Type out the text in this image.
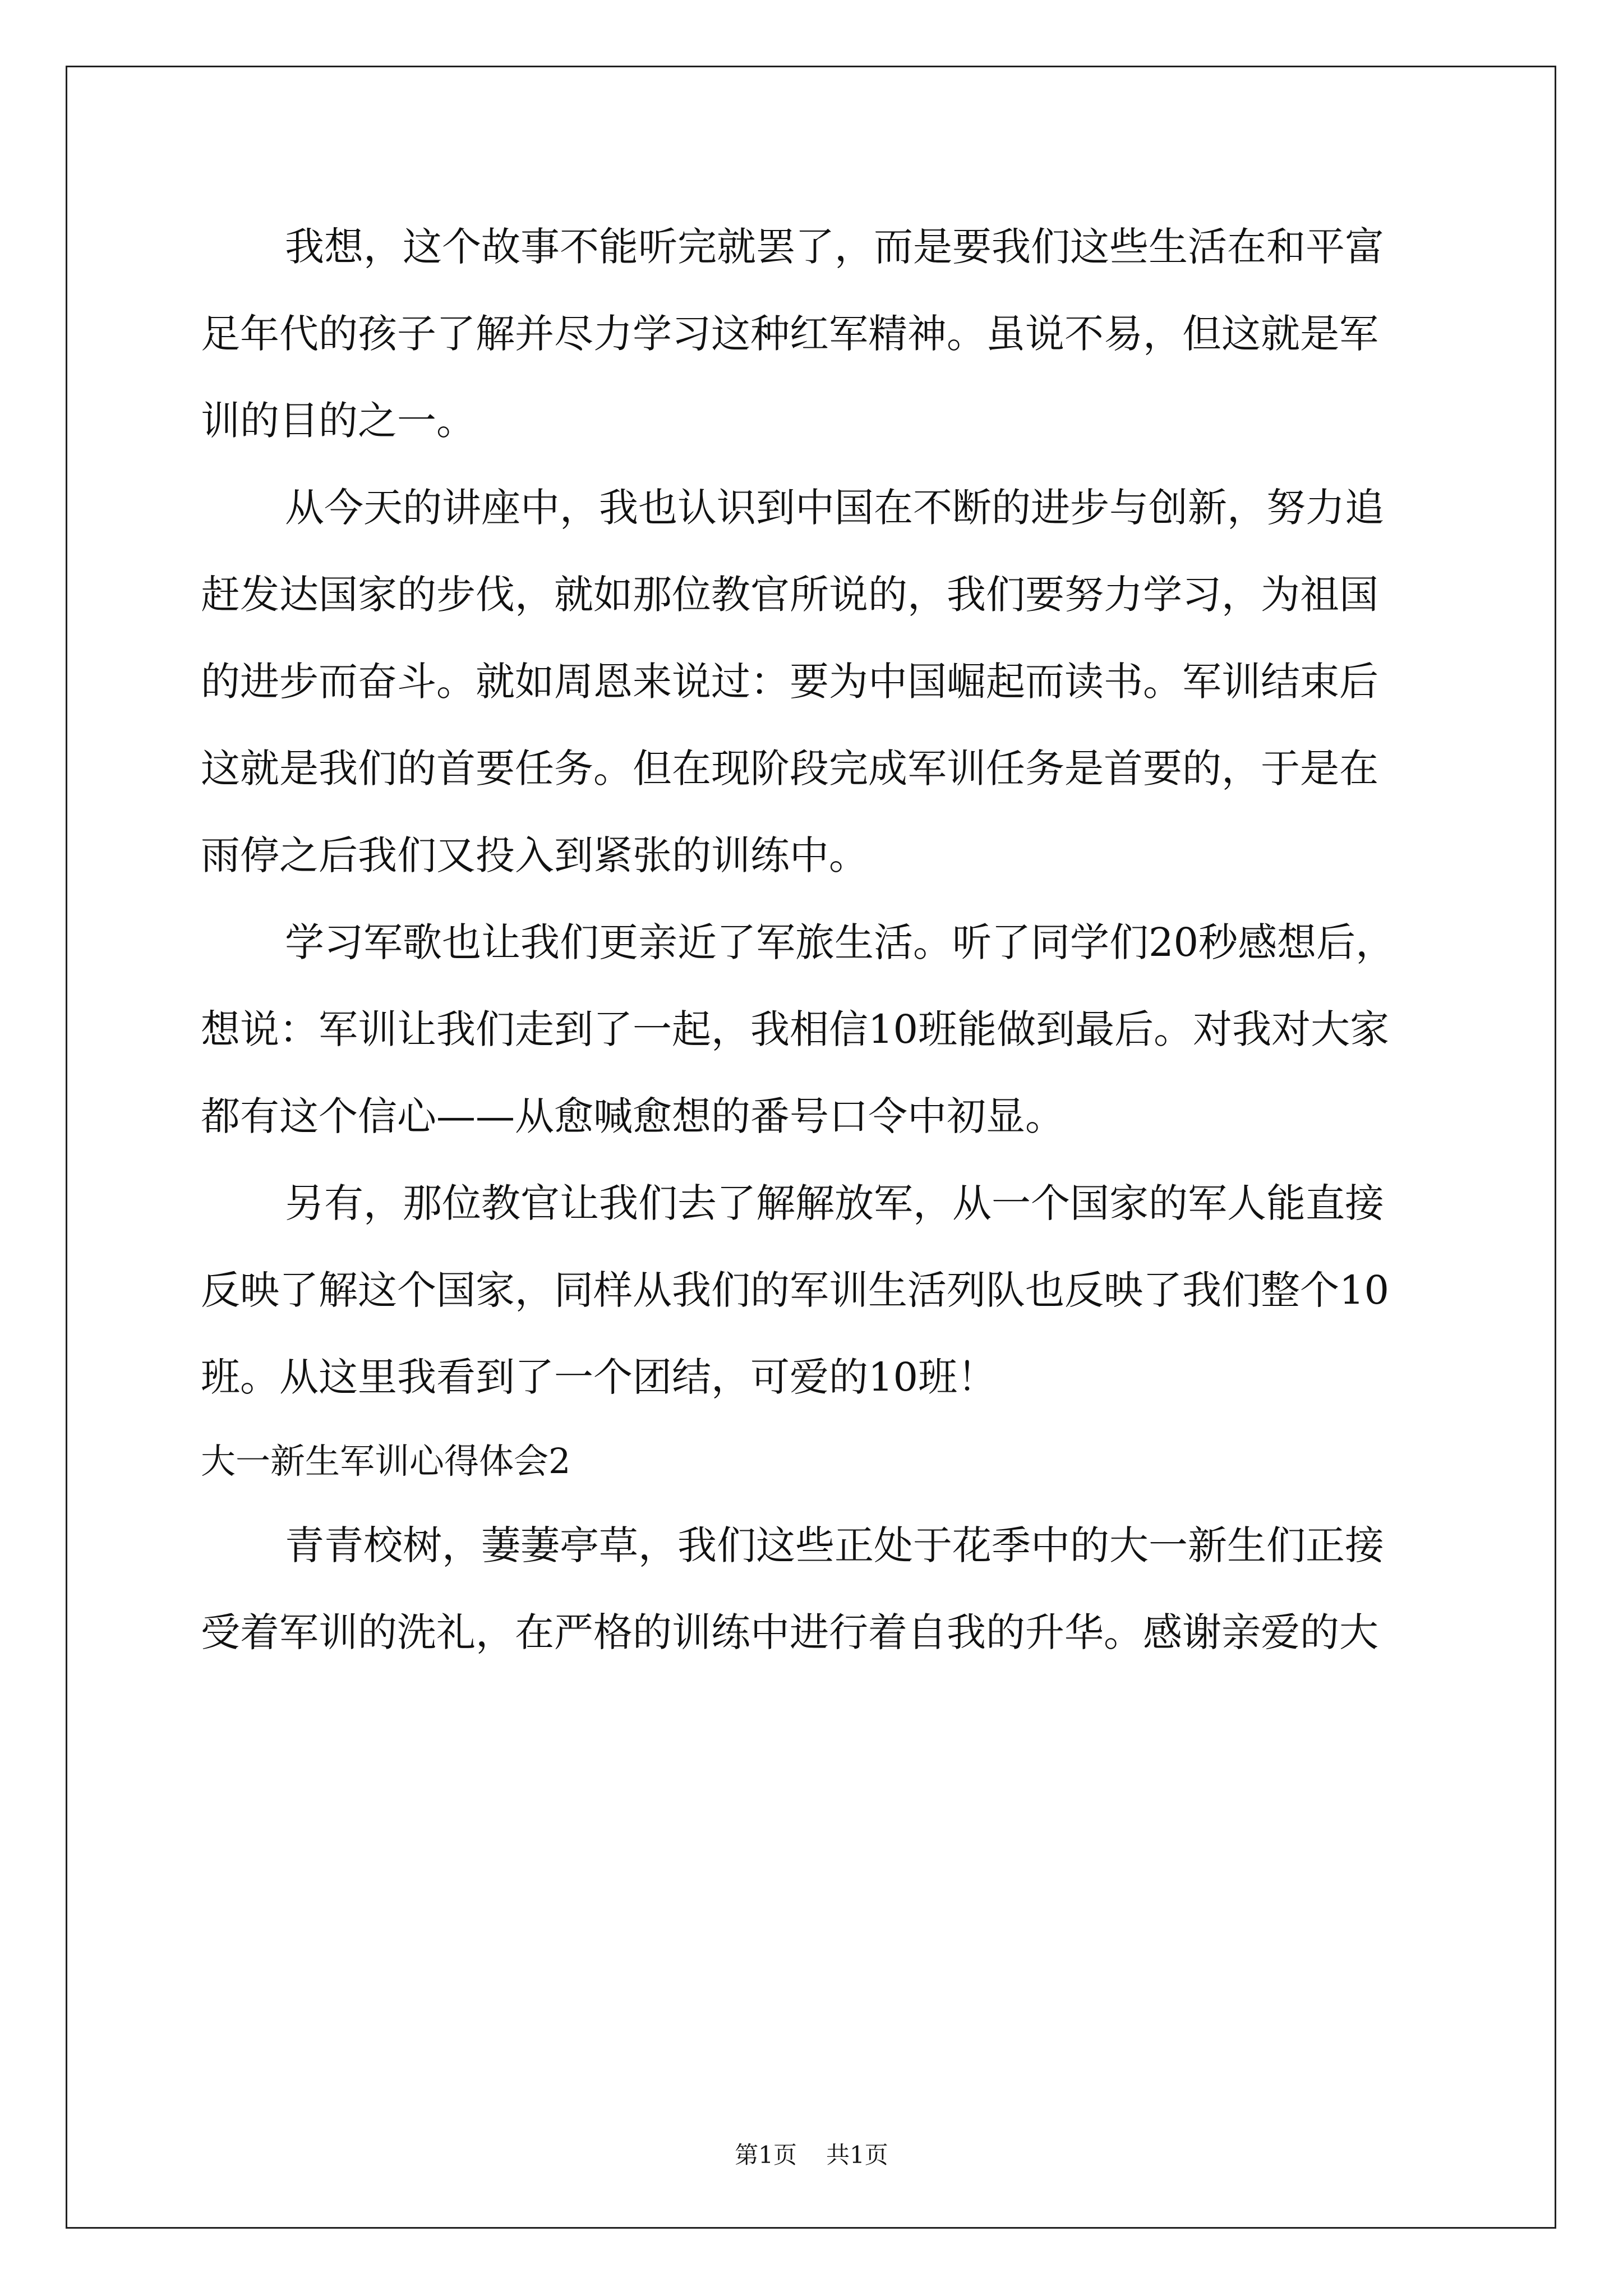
我想，这个故事不能听完就罢了，而是要我们这些生活在和平富

足年代的孩子了解并尽力学习这种红军精神。虽说不易，但这就是军

训的目的之一。

从今天的讲座中，我也认识到中国在不断的进步与创新，努力追

赶发达国家的步伐，就如那位教官所说的，我们要努力学习，为祖国

的进步而奋斗。就如周恩来说过：要为中国崛起而读书。军训结束后

这就是我们的首要任务。但在现阶段完成军训任务是首要的，于是在

雨停之后我们又投入到紧张的训练中。

学习军歌也让我们更亲近了军旅生活。听了同学们20秒感想后，

想说：军训让我们走到了一起，我相信10班能做到最后。对我对大家

都有这个信心——从愈喊愈想的番号口令中初显。

另有，那位教官让我们去了解解放军，从一个国家的军人能直接

反映了解这个国家，同样从我们的军训生活列队也反映了我们整个10

班。从这里我看到了一个团结，可爱的10班！

大一新生军训心得体会2

青青校树，萋萋亭草，我们这些正处于花季中的大一新生们正接

受着军训的洗礼，在严格的训练中进行着自我的升华。感谢亲爱的大

第1页 共1页
